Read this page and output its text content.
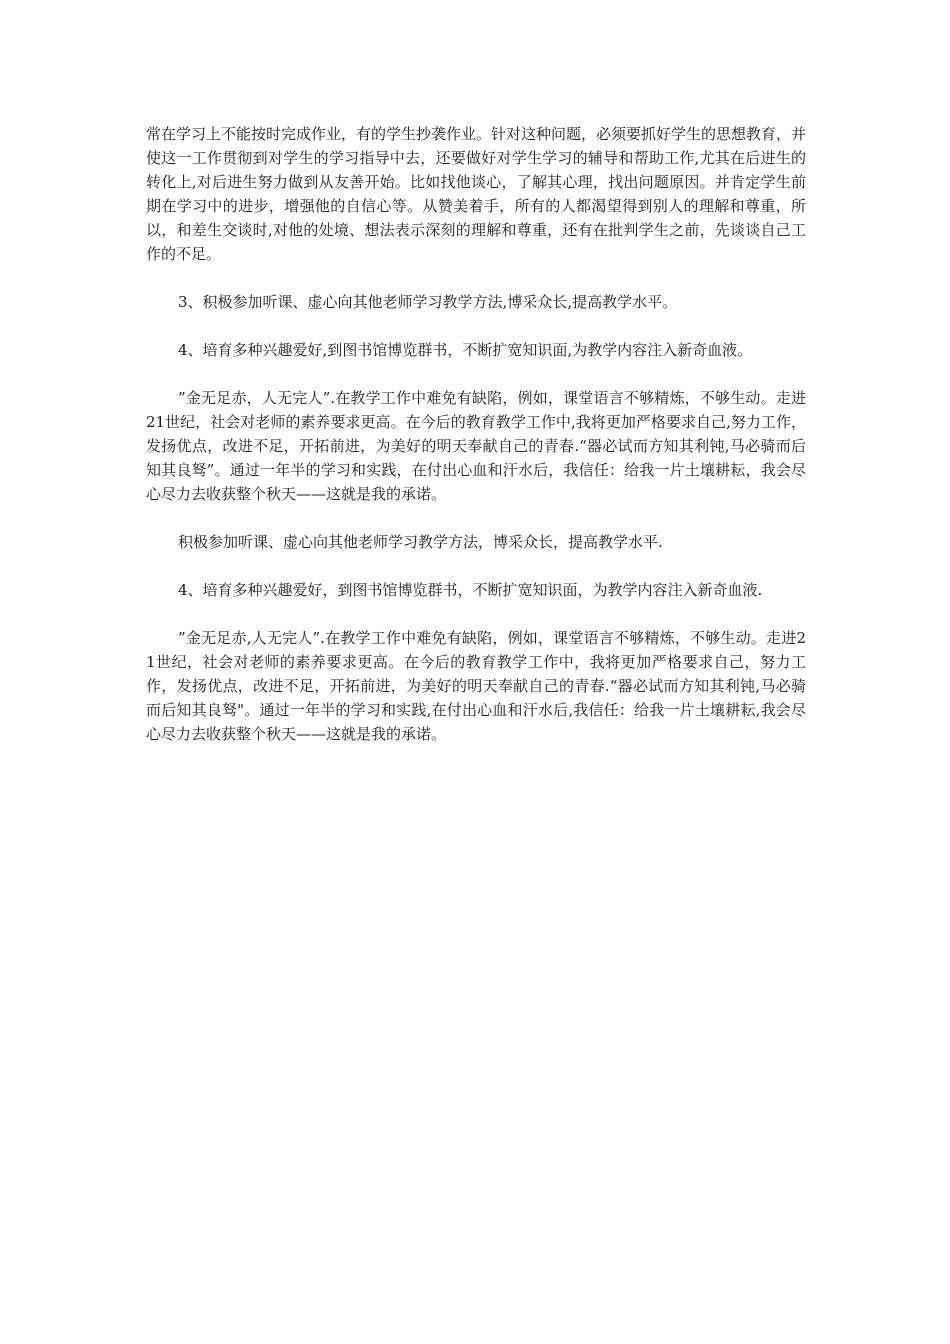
常在学习上不能按时完成作业，有的学生抄袭作业。针对这种问题，必须要抓好学生的思想教育，并使这一工作贯彻到对学生的学习指导中去，还要做好对学生学习的辅导和帮助工作,尤其在后进生的转化上,对后进生努力做到从友善开始。比如找他谈心，了解其心理，找出问题原因。并肯定学生前期在学习中的进步，增强他的自信心等。从赞美着手，所有的人都渴望得到别人的理解和尊重，所以，和差生交谈时,对他的处境、想法表示深刻的理解和尊重，还有在批判学生之前，先谈谈自己工作的不足。

3、积极参加听课、虚心向其他老师学习教学方法,博采众长,提高教学水平。

4、培育多种兴趣爱好,到图书馆博览群书，不断扩宽知识面,为教学内容注入新奇血液。

”金无足赤，人无完人”.在教学工作中难免有缺陷，例如，课堂语言不够精炼，不够生动。走进21世纪，社会对老师的素养要求更高。在今后的教育教学工作中,我将更加严格要求自己,努力工作，发扬优点，改进不足，开拓前进，为美好的明天奉献自己的青春.“器必试而方知其利钝,马必骑而后知其良驽”。通过一年半的学习和实践，在付出心血和汗水后，我信任：给我一片土壤耕耘，我会尽心尽力去收获整个秋天——这就是我的承诺。

积极参加听课、虚心向其他老师学习教学方法，博采众长，提高教学水平.

4、培育多种兴趣爱好，到图书馆博览群书，不断扩宽知识面，为教学内容注入新奇血液.

”金无足赤,人无完人”.在教学工作中难免有缺陷，例如，课堂语言不够精炼，不够生动。走进21世纪，社会对老师的素养要求更高。在今后的教育教学工作中，我将更加严格要求自己，努力工作，发扬优点，改进不足，开拓前进，为美好的明天奉献自己的青春.“器必试而方知其利钝,马必骑而后知其良驽"。通过一年半的学习和实践,在付出心血和汗水后,我信任：给我一片土壤耕耘,我会尽心尽力去收获整个秋天——这就是我的承诺。
